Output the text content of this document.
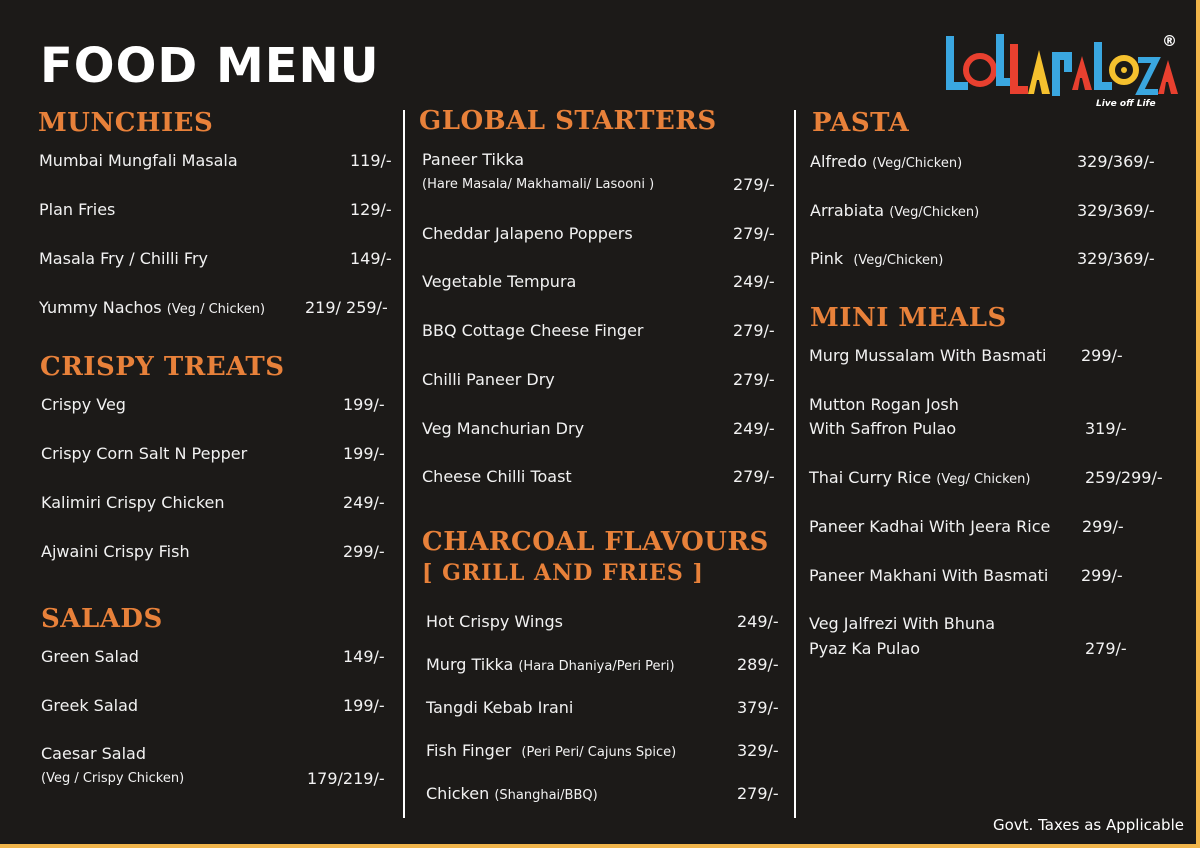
FOOD MENU	®
Live off Life
MUNCHIES
Mumbai Mungfali Masala	119/-
Plan Fries	129/-
Masala Fry / Chilli Fry	149/-
Yummy Nachos (Veg / Chicken) 219/ 259/-
CRISPY TREATS
Crispy Veg	199/-
Crispy Corn Salt N Pepper	199/-
Kalimiri Crispy Chicken	249/-
Ajwaini Crispy Fish	299/-
SALADS
Green Salad	149/-
Greek Salad	199/-
Caesar Salad
(Veg / Crispy Chicken)	179/219/-
GLOBAL STARTERS
Paneer Tikka
(Hare Masala/ Makhamali/ Lasooni )	279/-
Cheddar Jalapeno Poppers	279/-
Vegetable Tempura	249/-
BBQ Cottage Cheese Finger	279/-
Chilli Paneer Dry	279/-
Veg Manchurian Dry	249/-
Cheese Chilli Toast	279/-
CHARCOAL FLAVOURS
[ GRILL AND FRIES ]
Hot Crispy Wings	249/-
Murg Tikka (Hara Dhaniya/Peri Peri)	289/-
Tangdi Kebab Irani	379/-
Fish Finger (Peri Peri/ Cajuns Spice)	329/-
Chicken (Shanghai/BBQ)	279/-
PASTA
Alfredo (Veg/Chicken)	329/369/-
Arrabiata (Veg/Chicken)	329/369/-
Pink (Veg/Chicken)	329/369/-
MINI MEALS
Murg Mussalam With Basmati 299/-
Mutton Rogan Josh
With Saffron Pulao	319/-
Thai Curry Rice (Veg/ Chicken)	259/299/-
Paneer Kadhai With Jeera Rice 299/-
Paneer Makhani With Basmati 299/-
Veg Jalfrezi With Bhuna
Pyaz Ka Pulao	279/-
Govt. Taxes as Applicable
